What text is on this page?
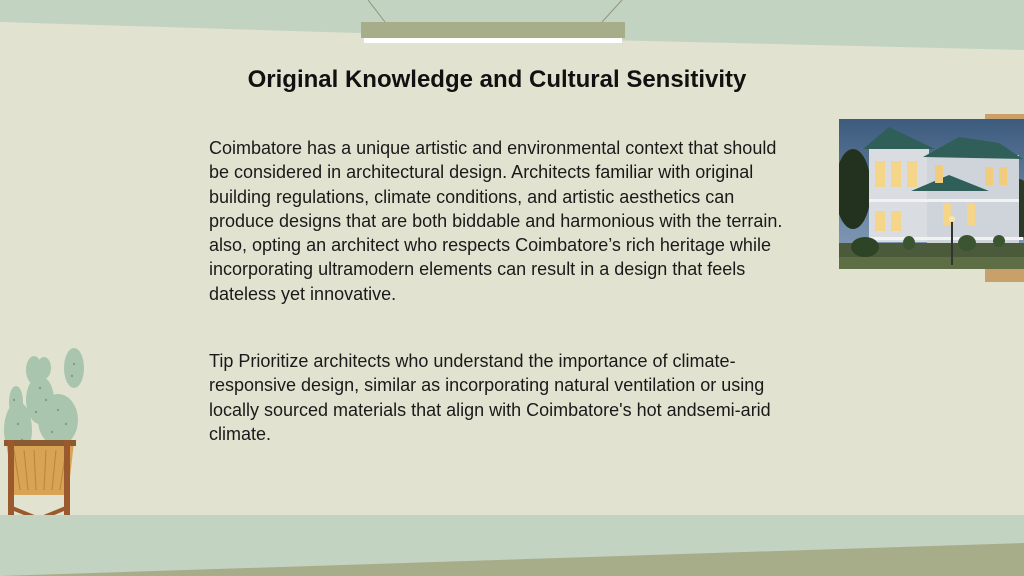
Original Knowledge and Cultural Sensitivity

Coimbatore has a unique artistic and environmental context that should be considered in architectural design. Architects familiar with original building regulations, climate conditions, and artistic aesthetics can produce designs that are both biddable and harmonious with the terrain. also, opting an architect who respects Coimbatore’s rich heritage while incorporating ultramodern elements can result in a design that feels dateless yet innovative.

Tip Prioritize architects who understand the importance of climate- responsive design, similar as incorporating natural ventilation or using locally sourced materials that align with Coimbatore's hot andsemi-arid climate.
